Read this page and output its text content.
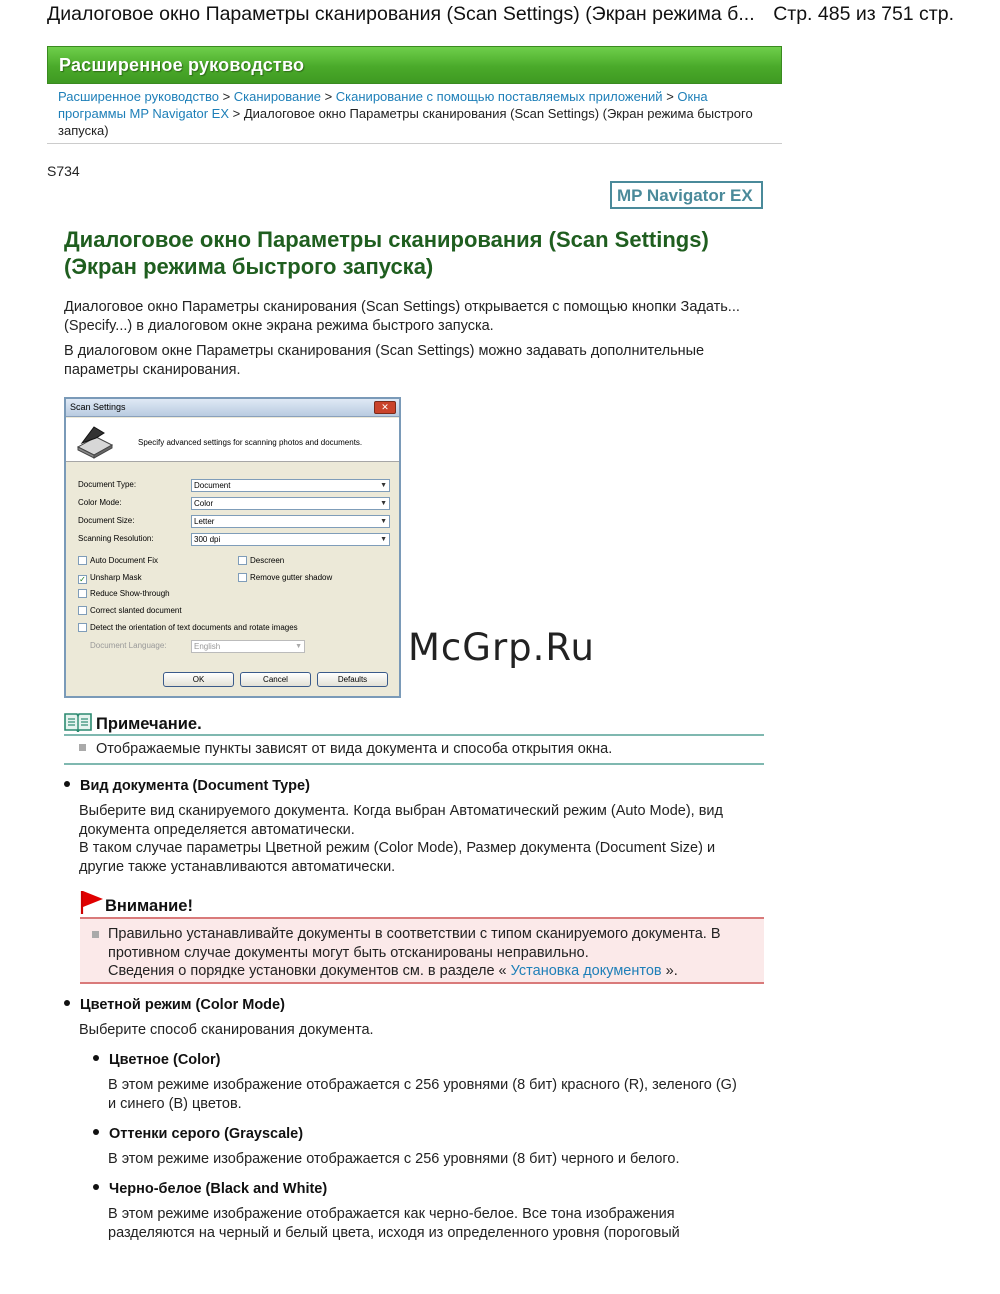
Диалоговое окно Параметры сканирования (Scan Settings) (Экран режима б... Стр. 485 из 751 стр.
Расширенное руководство
Расширенное руководство > Сканирование > Сканирование с помощью поставляемых приложений > Окна программы MP Navigator EX > Диалоговое окно Параметры сканирования (Scan Settings) (Экран режима быстрого запуска)
S734
MP Navigator EX
Диалоговое окно Параметры сканирования (Scan Settings)
(Экран режима быстрого запуска)
Диалоговое окно Параметры сканирования (Scan Settings) открывается с помощью кнопки Задать... (Specify...) в диалоговом окне экрана режима быстрого запуска.
В диалоговом окне Параметры сканирования (Scan Settings) можно задавать дополнительные параметры сканирования.
Scan Settings	✕
Specify advanced settings for scanning photos and documents.
Document Type:	Document	▼
Color Mode:	Color	▼
Document Size:	Letter	▼
Scanning Resolution:	300 dpi	▼
Auto Document Fix
✓ Unsharp Mask
Reduce Show-through
Correct slanted document
Detect the orientation of text documents and rotate images
Descreen
Remove gutter shadow
Document Language:	English	▼
OK	Cancel	Defaults
McGrp.Ru
Примечание.
Отображаемые пункты зависят от вида документа и способа открытия окна.
Вид документа (Document Type)
Выберите вид сканируемого документа. Когда выбран Автоматический режим (Auto Mode), вид документа определяется автоматически.
В таком случае параметры Цветной режим (Color Mode), Размер документа (Document Size) и другие также устанавливаются автоматически.
Внимание!
Правильно устанавливайте документы в соответствии с типом сканируемого документа. В противном случае документы могут быть отсканированы неправильно.
Сведения о порядке установки документов см. в разделе « Установка документов ».
Цветной режим (Color Mode)
Выберите способ сканирования документа.
Цветное (Color)
В этом режиме изображение отображается с 256 уровнями (8 бит) красного (R), зеленого (G) и синего (B) цветов.
Оттенки серого (Grayscale)
В этом режиме изображение отображается с 256 уровнями (8 бит) черного и белого.
Черно-белое (Black and White)
В этом режиме изображение отображается как черно-белое. Все тона изображения разделяются на черный и белый цвета, исходя из определенного уровня (пороговый
